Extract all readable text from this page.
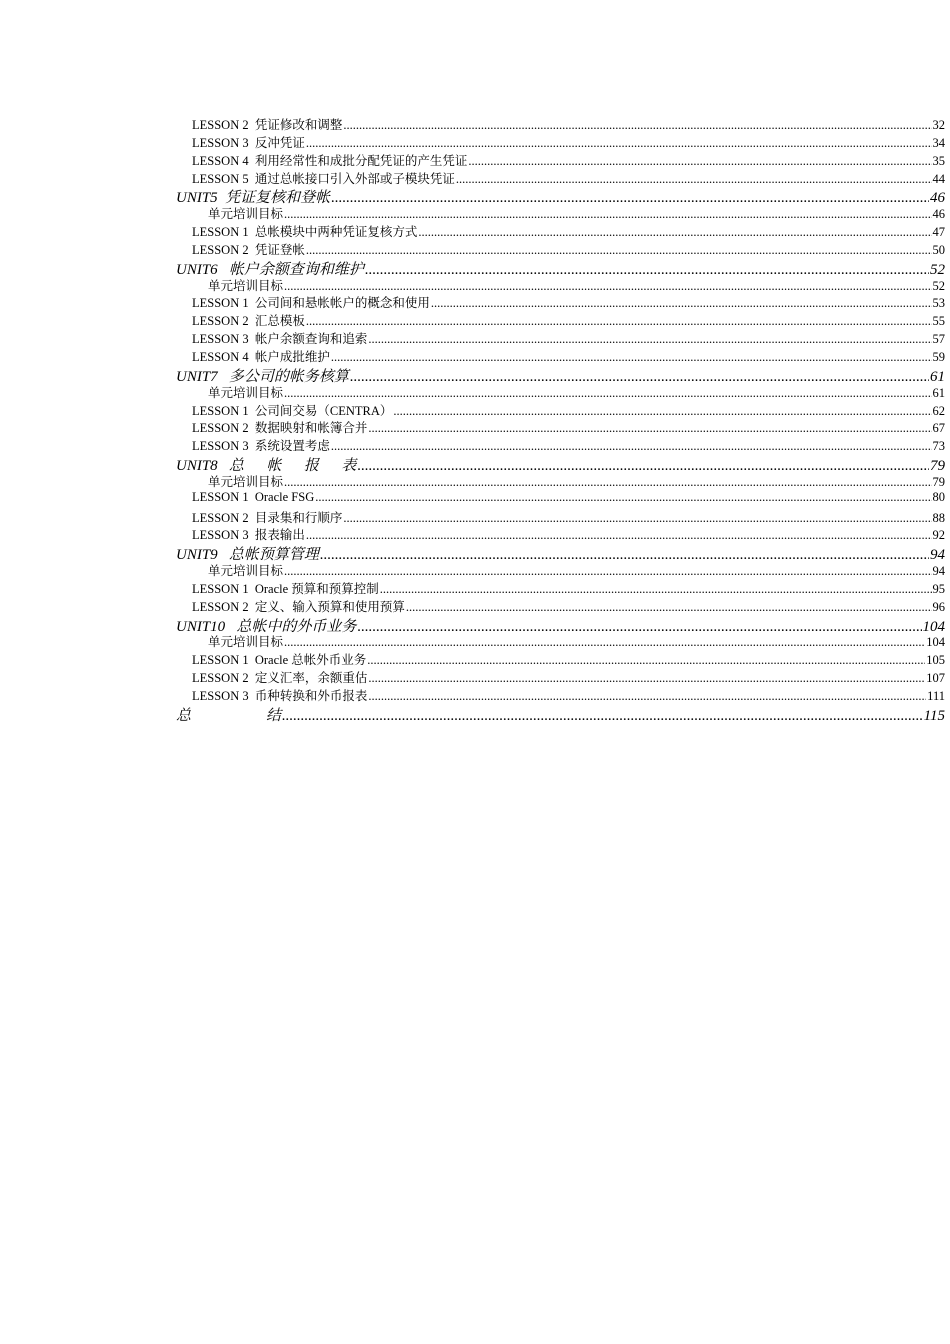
LESSON 2  凭证修改和调整 .....	32
LESSON 3  反冲凭证 .....	34
LESSON 4  利用经常性和成批分配凭证的产生凭证 .....	35
LESSON 5  通过总帐接口引入外部或子模块凭证 .....	44
UNIT5  凭证复核和登帐 .....	46
单元培训目标 .....	46
LESSON 1  总帐模块中两种凭证复核方式 .....	47
LESSON 2  凭证登帐 .....	50
UNIT6   帐户余额查询和维护 .....	52
单元培训目标 .....	52
LESSON 1  公司间和悬帐帐户的概念和使用 .....	53
LESSON 2  汇总模板 .....	55
LESSON 3  帐户余额查询和追索 .....	57
LESSON 4  帐户成批维护 .....	59
UNIT7   多公司的帐务核算 .....	61
单元培训目标 .....	61
LESSON 1  公司间交易（CENTRA） .....	62
LESSON 2  数据映射和帐簿合并 .....	67
LESSON 3  系统设置考虑 .....	73
UNIT8   总      帐      报      表 .....	79
单元培训目标 .....	79
LESSON 1  Oracle FSG .....	80
LESSON 2  目录集和行顺序 .....	88
LESSON 3  报表输出 .....	92
UNIT9   总帐预算管理 .....	94
单元培训目标 .....	94
LESSON 1  Oracle 预算和预算控制 .....	95
LESSON 2  定义、输入预算和使用预算 .....	96
UNIT10   总帐中的外币业务 .....	104
单元培训目标 .....	104
LESSON 1  Oracle 总帐外币业务 .....	105
LESSON 2  定义汇率，余额重估 .....	107
LESSON 3  币种转换和外币报表 .....	111
总                    结 .....	115
